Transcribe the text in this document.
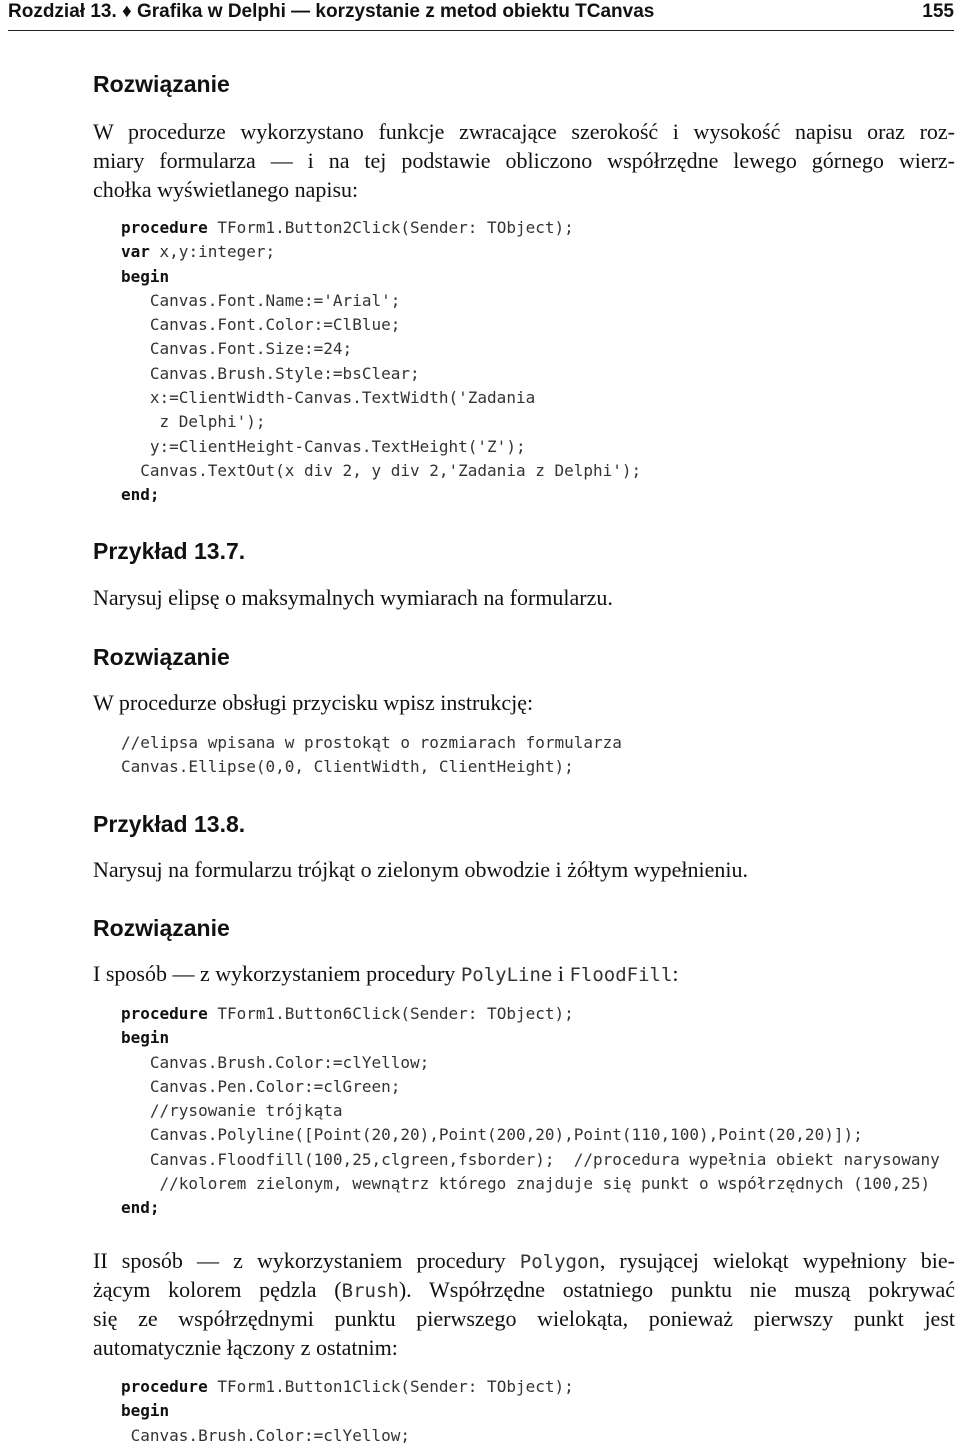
Rozdział 13. ♦ Grafika w Delphi — korzystanie z metod obiektu TCanvas	155
Rozwiązanie
W procedurze wykorzystano funkcje zwracające szerokość i wysokość napisu oraz roz-
miary formularza — i na tej podstawie obliczono współrzędne lewego górnego wierz-
chołka wyświetlanego napisu:
procedure TForm1.Button2Click(Sender: TObject);
var x,y:integer;
begin
Canvas.Font.Name:='Arial';
Canvas.Font.Color:=ClBlue;
Canvas.Font.Size:=24;
Canvas.Brush.Style:=bsClear;
x:=ClientWidth-Canvas.TextWidth('Zadania
z Delphi');
y:=ClientHeight-Canvas.TextHeight('Z');
Canvas.TextOut(x div 2, y div 2,'Zadania z Delphi');
end;
Przykład 13.7.
Narysuj elipsę o maksymalnych wymiarach na formularzu.
Rozwiązanie
W procedurze obsługi przycisku wpisz instrukcję:
//elipsa wpisana w prostokąt o rozmiarach formularza
Canvas.Ellipse(0,0, ClientWidth, ClientHeight);
Przykład 13.8.
Narysuj na formularzu trójkąt o zielonym obwodzie i żółtym wypełnieniu.
Rozwiązanie
I sposób — z wykorzystaniem procedury PolyLine i FloodFill:
procedure TForm1.Button6Click(Sender: TObject);
begin
Canvas.Brush.Color:=clYellow;
Canvas.Pen.Color:=clGreen;
//rysowanie trójkąta
Canvas.Polyline([Point(20,20),Point(200,20),Point(110,100),Point(20,20)]);
Canvas.Floodfill(100,25,clgreen,fsborder);  //procedura wypełnia obiekt narysowany
//kolorem zielonym, wewnątrz którego znajduje się punkt o współrzędnych (100,25)
end;
II sposób — z wykorzystaniem procedury Polygon, rysującej wielokąt wypełniony bie-
żącym kolorem pędzla (Brush). Współrzędne ostatniego punktu nie muszą pokrywać
się ze współrzędnymi punktu pierwszego wielokąta, ponieważ pierwszy punkt jest
automatycznie łączony z ostatnim:
procedure TForm1.Button1Click(Sender: TObject);
begin
Canvas.Brush.Color:=clYellow;
